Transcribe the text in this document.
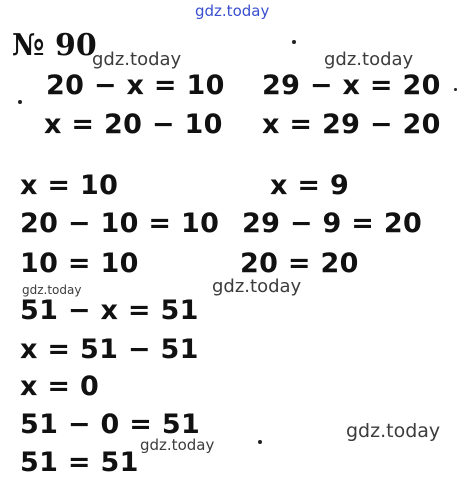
gdz.today
№ 90
gdz.today	gdz.today
20 − x = 10
x = 20 − 10
29 − x = 20
x = 29 − 20
x = 10
20 − 10 = 10
10 = 10
x = 9
29 − 9 = 20
20 = 20
gdz.today
gdz.today
51 − x = 51
x = 51 − 51
x = 0
51 − 0 = 51
51 = 51
gdz.today
gdz.today
